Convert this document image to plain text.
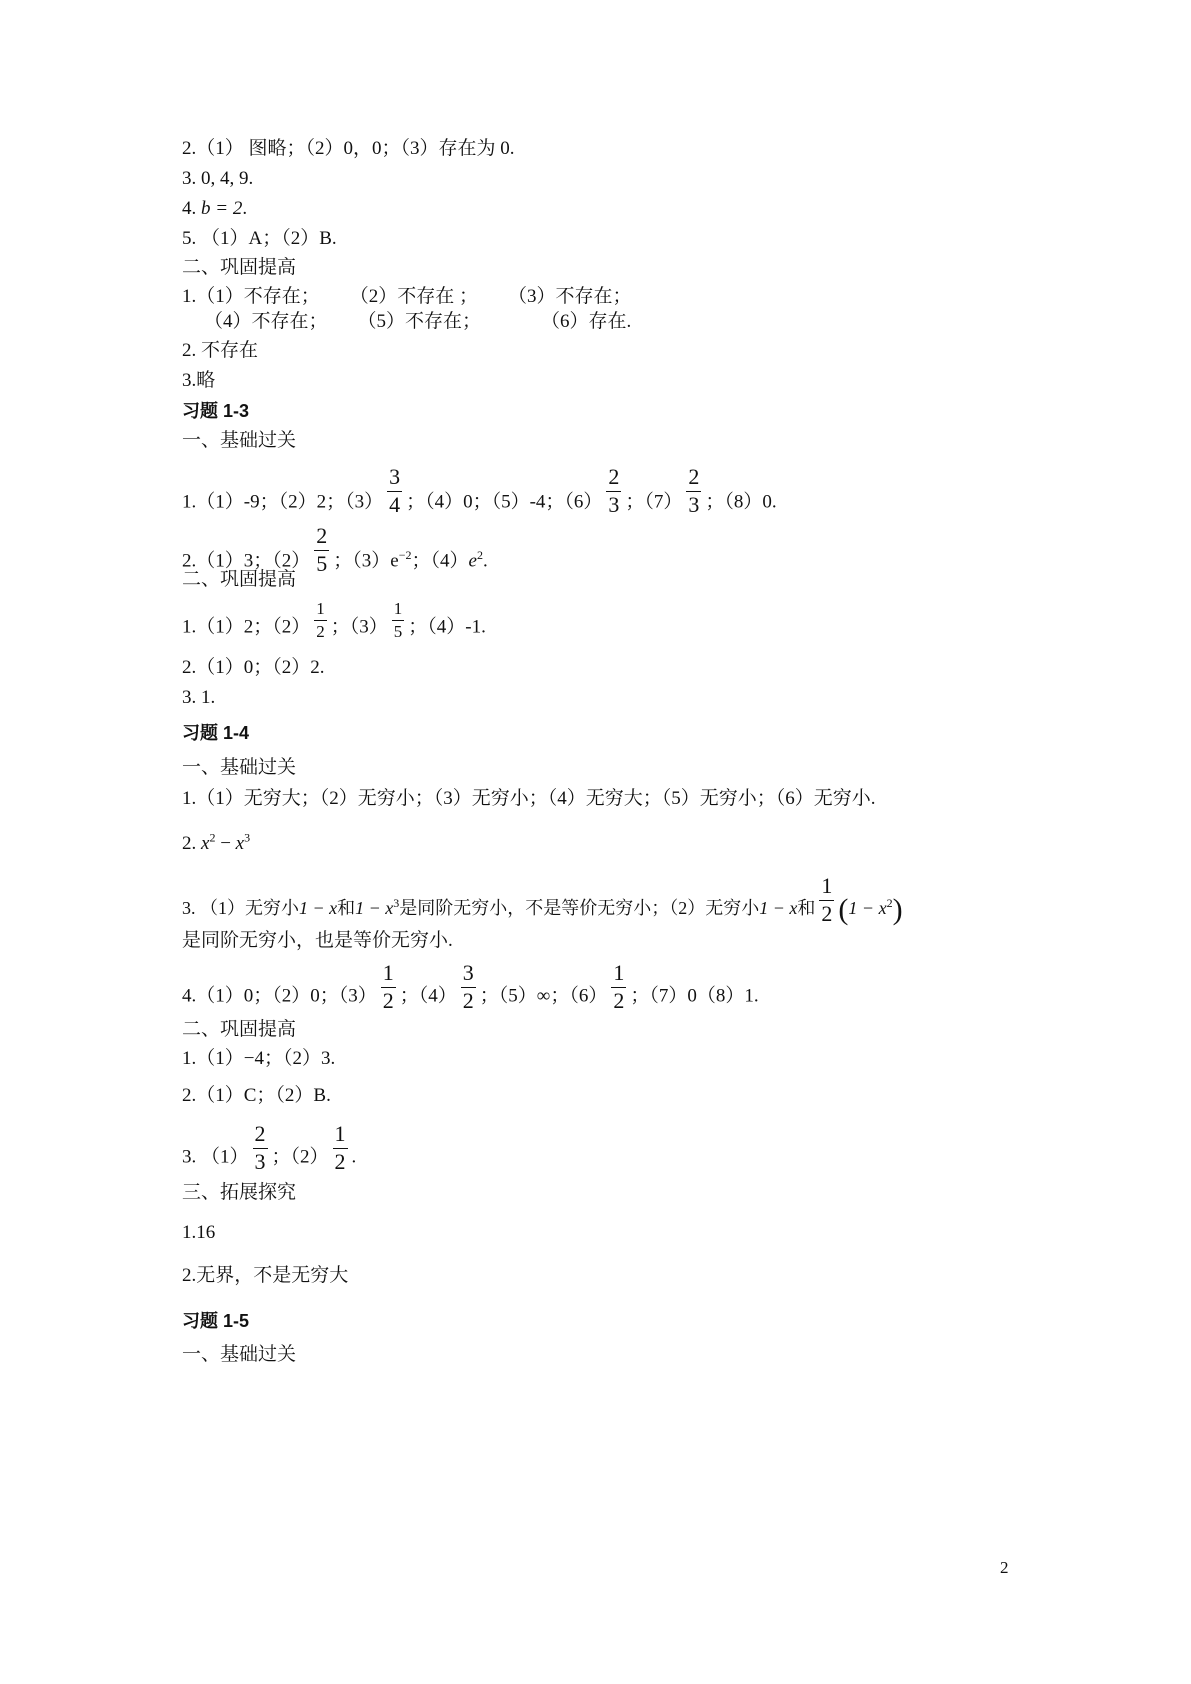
2.（1） 图略；（2）0，0；（3）存在为 0.
3. 0, 4, 9.
4. b = 2.
5. （1）A；（2）B.
二、巩固提高
1.（1）不存在； （2）不存在 ； （3）不存在；
（4）不存在； （5）不存在；	（6）存在.
2. 不存在
3.略
习题 1-3
一、基础过关
1.（1）-9；（2）2；$(3) \frac{3}{4}$ ；（4）0；（5）-4；$(6) \frac{2}{3}$ ；$(7) \frac{2}{3}$ ；（8）0.
2.（1）3；$(2) \frac{2}{5}$ ；$(3)e^{-2}$；$(4)e^2$.
二、巩固提高
1.（1）2；$(2) \frac{1}{2}$ ；$(3) \frac{1}{5}$ ；（4）-1.
2.（1）0；（2）2.
3. 1.
习题 1-4
一、基础过关
1.（1）无穷大；（2）无穷小；（3）无穷小；（4）无穷大；（5）无穷小；（6）无穷小.
2. $x^2 - x^3$
3. （1）无穷小1 − x和$1 - x^3$是同阶无穷小，不是等价无穷小；（2）无穷小1 − x和 $\frac{1}{2} (1 - x^2)$
是同阶无穷小，也是等价无穷小.
4.（1）0；（2）0；$(3) \frac{1}{2}$ ；$(4) \frac{3}{2}$ ；（5）∞；$(6) \frac{1}{2}$ ；（7）0（8）1.
二、巩固提高
1.（1）−4；（2）3.
2.（1）C；（2）B.
3. $(1) \frac{2}{3}$ ；$(2) \frac{1}{2}$ .
三、拓展探究
1.16
2.无界，不是无穷大
习题 1-5
一、基础过关
2
